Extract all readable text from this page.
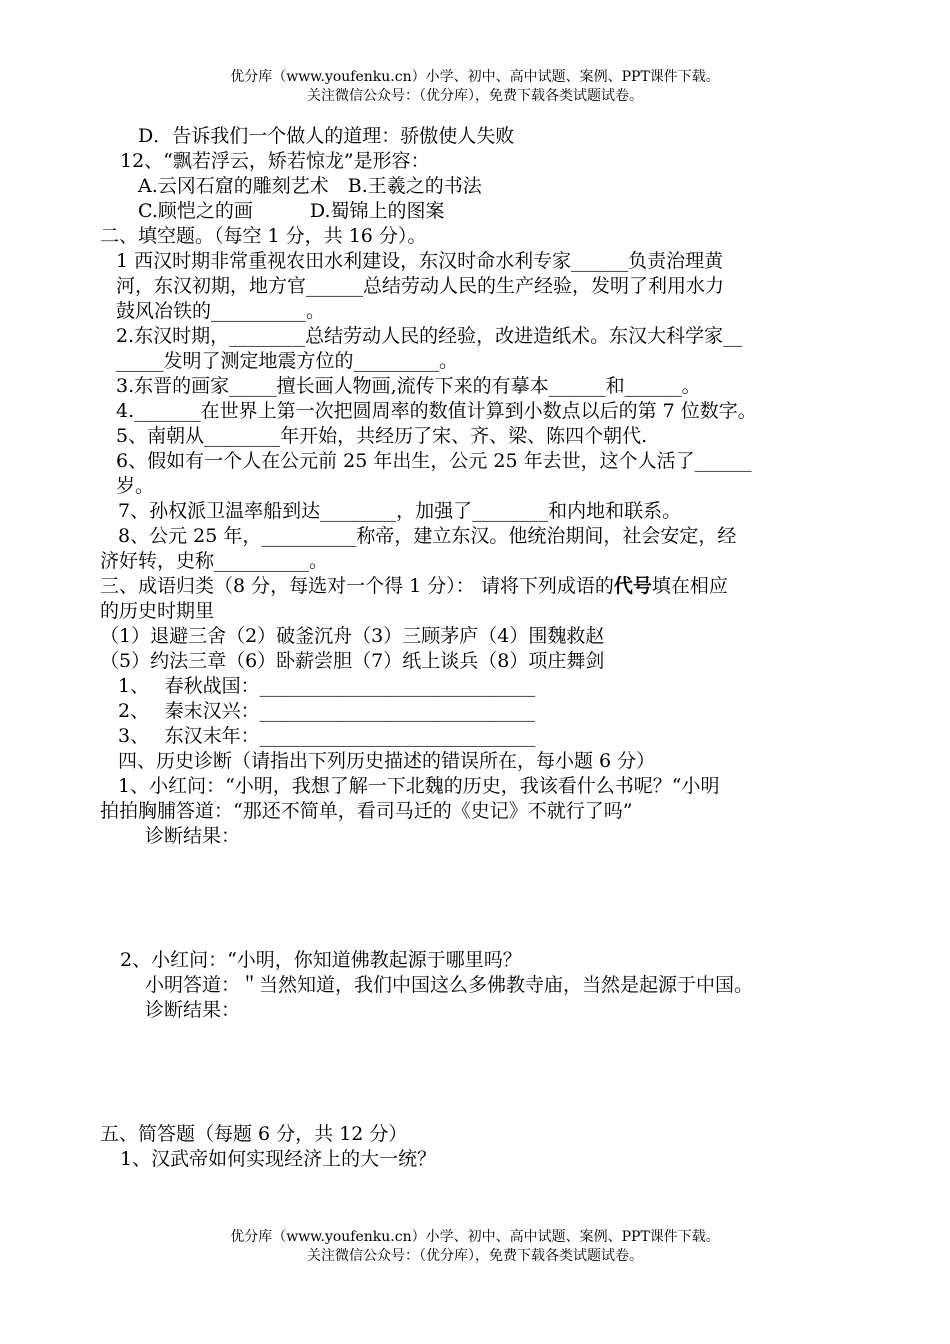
优分库（www.youfenku.cn）小学、初中、高中试题、案例、PPT课件下载。
关注微信公众号：（优分库），免费下载各类试题试卷。
D．告诉我们一个做人的道理：骄傲使人失败
12、“飘若浮云，矫若惊龙”是形容：
A.云冈石窟的雕刻艺术　B.王羲之的书法
C.顾恺之的画　　　D.蜀锦上的图案
二、填空题。（每空 1 分，共 16 分）。
1 西汉时期非常重视农田水利建设，东汉时命水利专家______负责治理黄
河，东汉初期，地方官______总结劳动人民的生产经验，发明了利用水力
鼓风冶铁的__________。
2.东汉时期，________总结劳动人民的经验，改进造纸术。东汉大科学家__
_____发明了测定地震方位的_________。
3.东晋的画家_____擅长画人物画,流传下来的有摹本______和______。
4._______在世界上第一次把圆周率的数值计算到小数点以后的第 7 位数字。
5、南朝从________年开始，共经历了宋、齐、梁、陈四个朝代.
6、假如有一个人在公元前 25 年出生，公元 25 年去世，这个人活了______
岁。
7、孙权派卫温率船到达________，加强了________和内地和联系。
8、公元 25 年，__________称帝，建立东汉。他统治期间，社会安定，经
济好转，史称__________。
三、成语归类（8 分，每选对一个得 1 分）： 请将下列成语的代号填在相应
的历史时期里
（1）退避三舍（2）破釜沉舟（3）三顾茅庐（4）围魏救赵
（5）约法三章（6）卧薪尝胆（7）纸上谈兵（8）项庄舞剑
1、　 春秋战国：_____________________________
2、　 秦末汉兴：_____________________________
3、　 东汉末年：_____________________________
四、历史诊断（请指出下列历史描述的错误所在，每小题 6 分）
1、小红问：“小明，我想了解一下北魏的历史，我该看什么书呢？“小明
拍拍胸脯答道：“那还不简单，看司马迁的《史记》不就行了吗”
诊断结果：
2、小红问：“小明，你知道佛教起源于哪里吗？
小明答道：＂当然知道，我们中国这么多佛教寺庙，当然是起源于中国。
诊断结果：
五、简答题（每题 6 分，共 12 分）
1、汉武帝如何实现经济上的大一统？
优分库（www.youfenku.cn）小学、初中、高中试题、案例、PPT课件下载。
关注微信公众号：（优分库），免费下载各类试题试卷。
